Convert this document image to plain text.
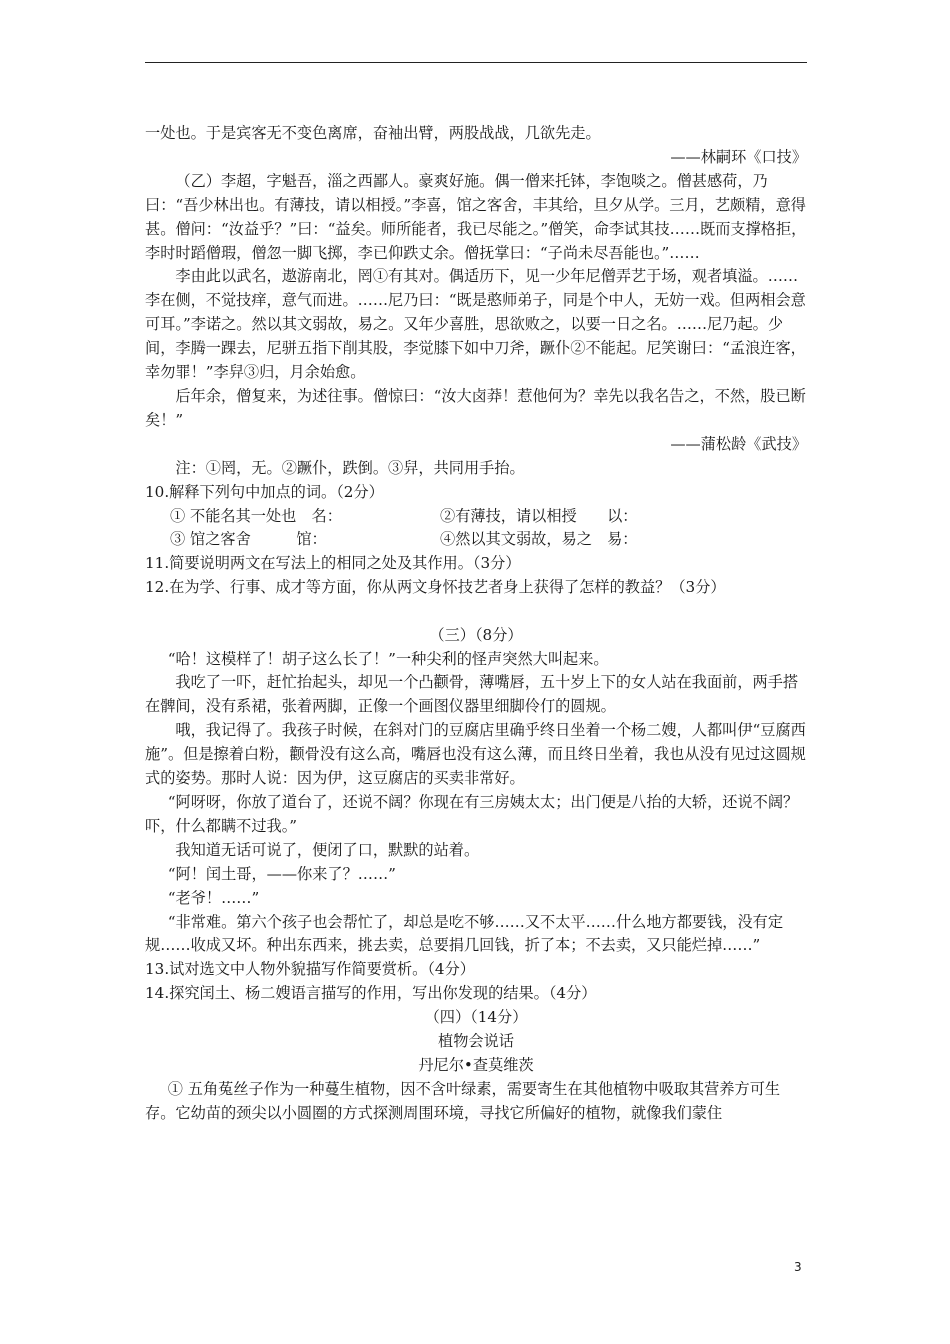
一处也。于是宾客无不变色离席，奋袖出臂，两股战战，几欲先走。

——林嗣环《口技》

（乙）李超，字魁吾，淄之西鄙人。豪爽好施。偶一僧来托钵，李饱啖之。僧甚感荷，乃曰：“吾少林出也。有薄技，请以相授。”李喜，馆之客舍，丰其给，旦夕从学。三月，艺颇精，意得甚。僧问：“汝益乎？”曰：“益矣。师所能者，我已尽能之。”僧笑，命李试其技……既而支撑格拒，李时时蹈僧瑕，僧忽一脚飞掷，李已仰跌丈余。僧抚掌曰：“子尚未尽吾能也。”……

李由此以武名，遨游南北，罔①有其对。偶适历下，见一少年尼僧弄艺于场，观者填溢。……李在侧，不觉技痒，意气而进。……尼乃曰：“既是憨师弟子，同是个中人，无妨一戏。但两相会意可耳。”李诺之。然以其文弱故，易之。又年少喜胜，思欲败之，以要一日之名。……尼乃起。少间，李腾一踝去，尼骈五指下削其股，李觉膝下如中刀斧，蹶仆②不能起。尼笑谢曰：“孟浪迕客，幸勿罪！”李舁③归，月余始愈。

后年余，僧复来，为述往事。僧惊曰：“汝大卤莽！惹他何为？幸先以我名告之，不然，股已断矣！”

——蒲松龄《武技》

注：①罔，无。②蹶仆，跌倒。③舁，共同用手抬。

10.解释下列句中加点的词。（2分）

① 不能名其一处也　名：	②有薄技，请以相授　　以：
③ 馆之客舍　　　馆：	④然以其文弱故，易之　易：

11.简要说明两文在写法上的相同之处及其作用。（3分）

12.在为学、行事、成才等方面，你从两文身怀技艺者身上获得了怎样的教益？（3分）

（三）（8分）

“哈！这模样了！胡子这么长了！”一种尖利的怪声突然大叫起来。

我吃了一吓，赶忙抬起头，却见一个凸颧骨，薄嘴唇，五十岁上下的女人站在我面前，两手搭在髀间，没有系裙，张着两脚，正像一个画图仪器里细脚伶仃的圆规。

哦，我记得了。我孩子时候，在斜对门的豆腐店里确乎终日坐着一个杨二嫂，人都叫伊“豆腐西施”。但是擦着白粉，颧骨没有这么高，嘴唇也没有这么薄，而且终日坐着，我也从没有见过这圆规式的姿势。那时人说：因为伊，这豆腐店的买卖非常好。

“阿呀呀，你放了道台了，还说不阔？你现在有三房姨太太；出门便是八抬的大轿，还说不阔？吓，什么都瞒不过我。”

我知道无话可说了，便闭了口，默默的站着。

“阿！闰土哥，——你来了？……”

“老爷！……”

“非常难。第六个孩子也会帮忙了，却总是吃不够……又不太平……什么地方都要钱，没有定规……收成又坏。种出东西来，挑去卖，总要捐几回钱，折了本；不去卖，又只能烂掉……”

13.试对选文中人物外貌描写作简要赏析。（4分）

14.探究闰土、杨二嫂语言描写的作用，写出你发现的结果。（4分）

（四）（14分）

植物会说话

丹尼尔•查莫维茨

① 五角菟丝子作为一种蔓生植物，因不含叶绿素，需要寄生在其他植物中吸取其营养方可生存。它幼苗的颈尖以小圆圈的方式探测周围环境，寻找它所偏好的植物，就像我们蒙住

3
